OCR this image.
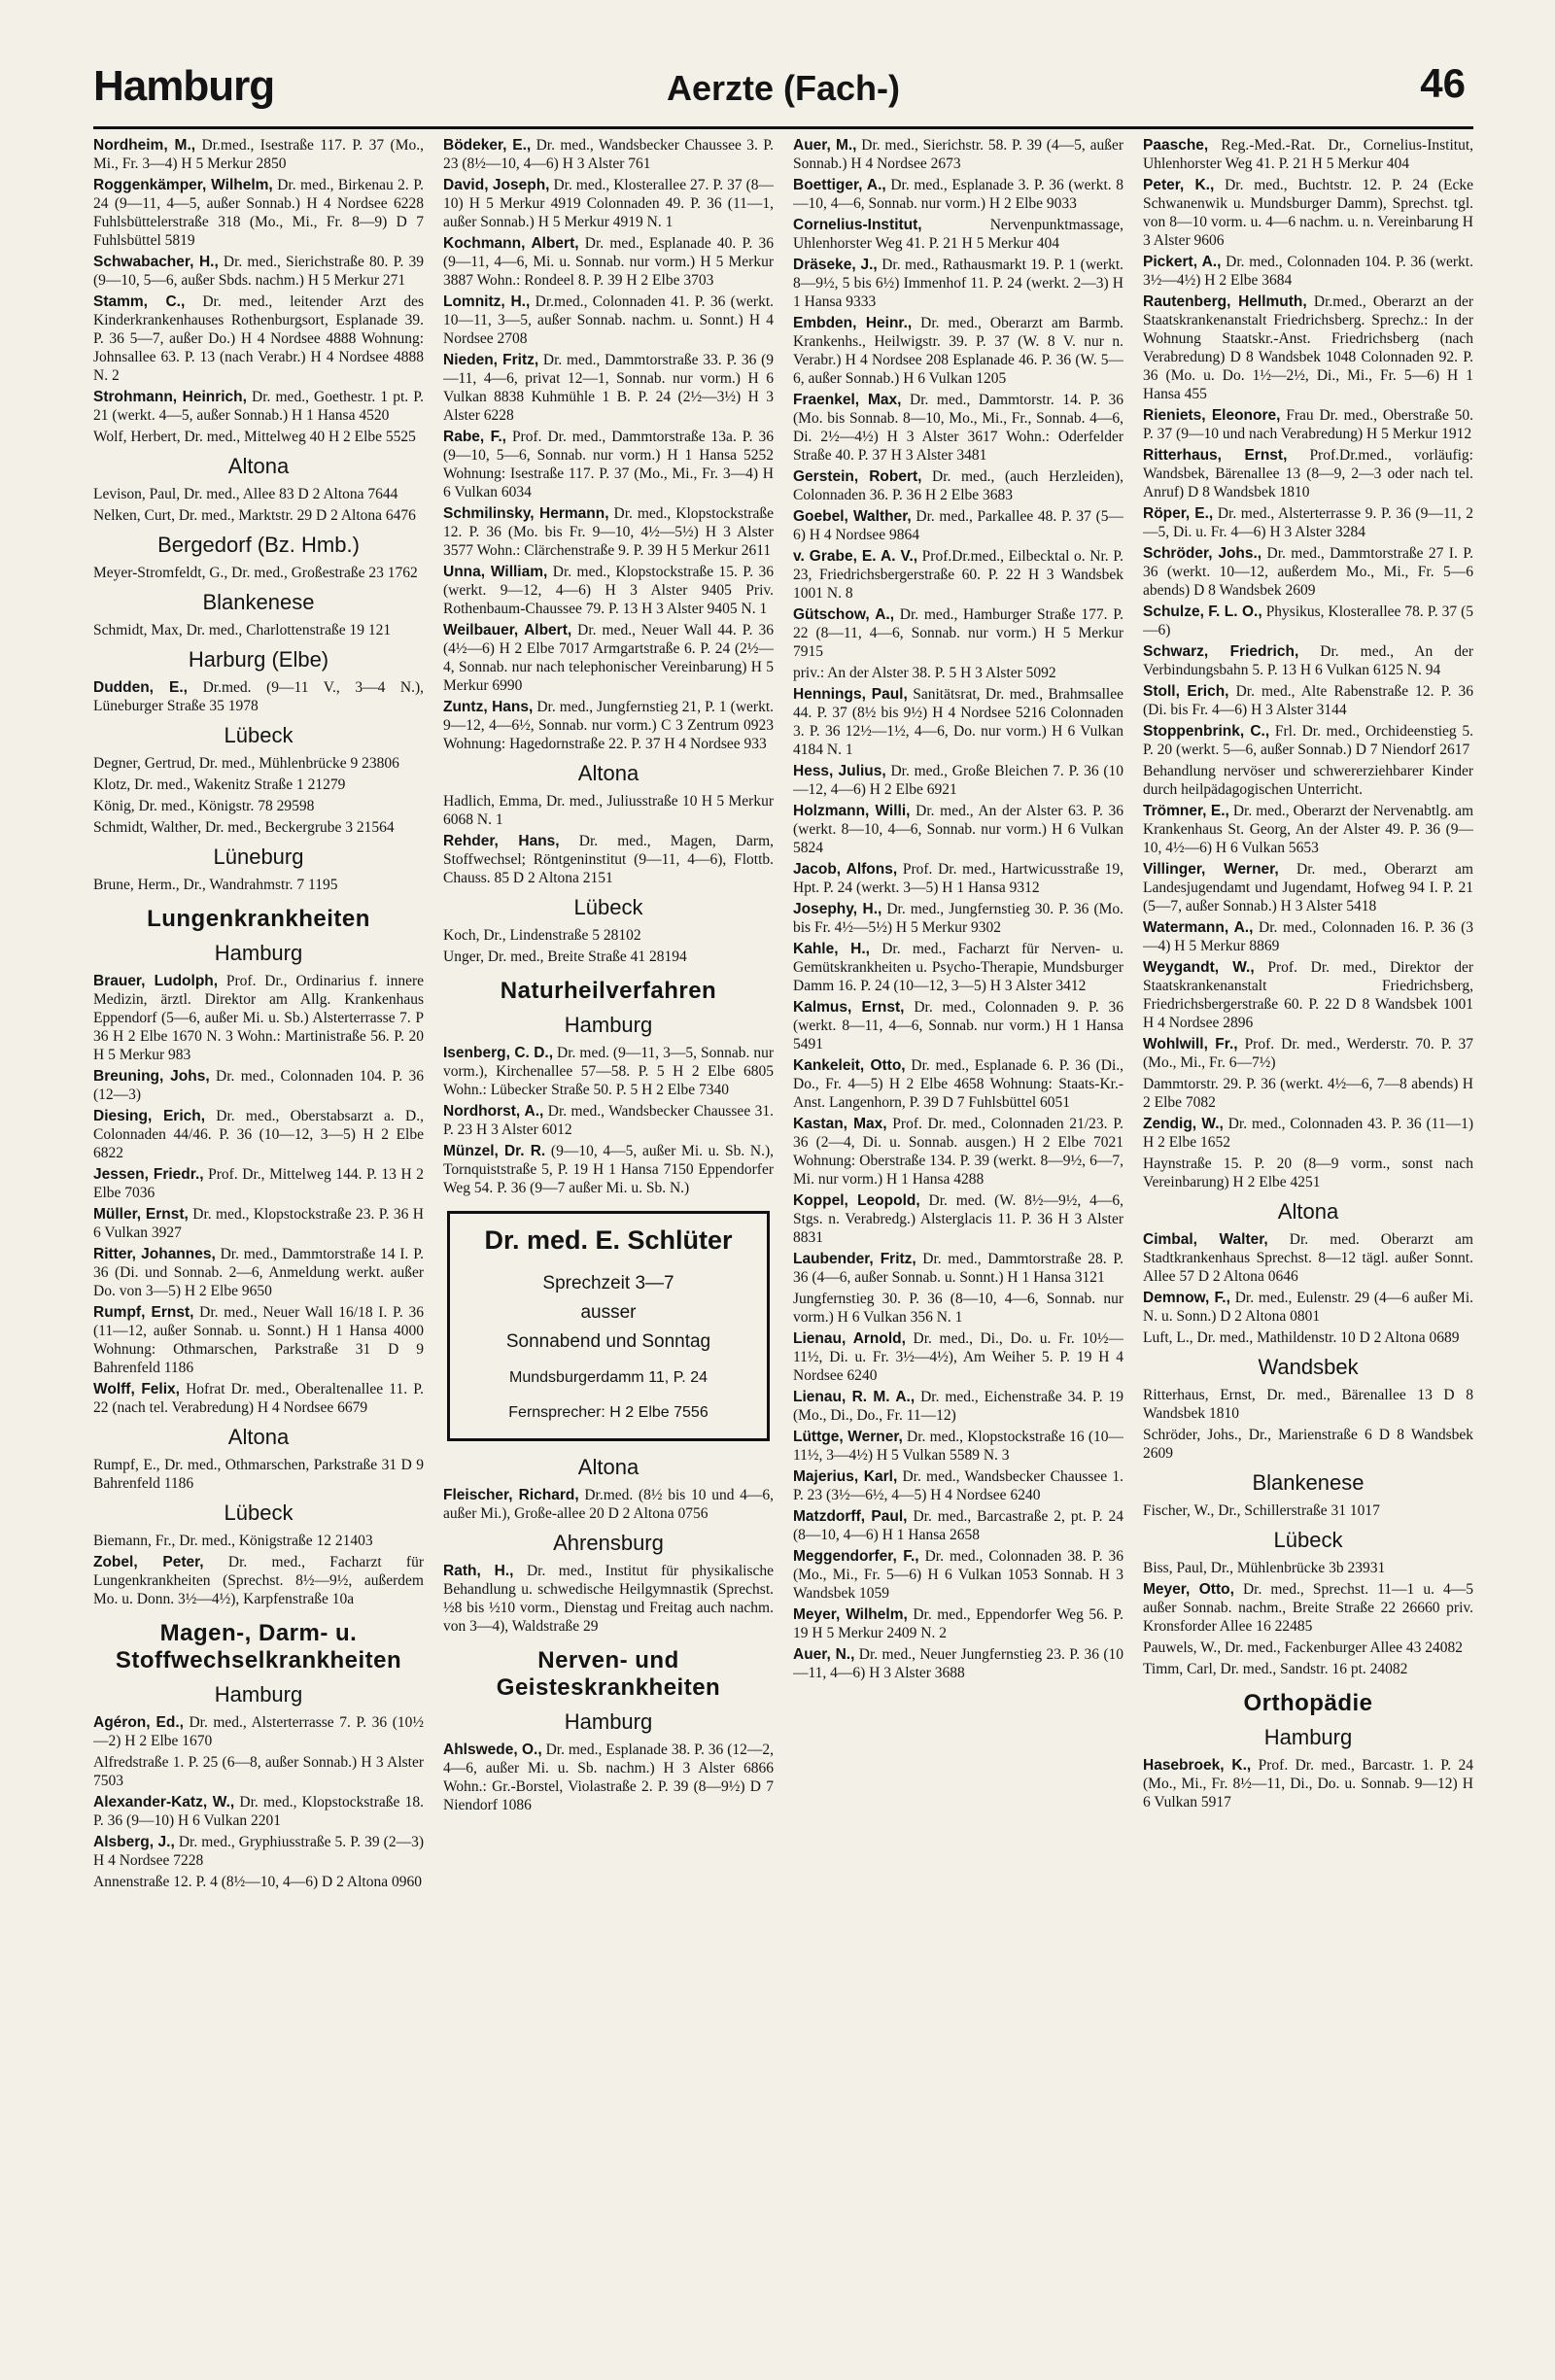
Hamburg	Aerzte (Fach-)	46
Nordheim, M., Dr.med., Isestraße 117. P. 37 (Mo., Mi., Fr. 3—4) H 5 Merkur 2850
Roggenkämper, Wilhelm, Dr. med., Birkenau 2. P. 24 (9—11, 4—5, außer Sonnab.) H 4 Nordsee 6228 Fuhlsbüttelerstraße 318 (Mo., Mi., Fr. 8—9) D 7 Fuhlsbüttel 5819
Schwabacher, H., Dr. med., Sierichstraße 80. P. 39 (9—10, 5—6, außer Sbds. nachm.) H 5 Merkur 271
Stamm, C., Dr. med., leitender Arzt des Kinderkrankenhauses Rothenburgsort, Esplanade 39. P. 36 5—7, außer Do.) H 4 Nordsee 4888 Wohnung: Johnsallee 63. P. 13 (nach Verabr.) H 4 Nordsee 4888 N. 2
Strohmann, Heinrich, Dr. med., Goethestr. 1 pt. P. 21 (werkt. 4—5, außer Sonnab.) H 1 Hansa 4520
Wolf, Herbert, Dr. med., Mittelweg 40 H 2 Elbe 5525
Altona
Levison, Paul, Dr. med., Allee 83 D 2 Altona 7644
Nelken, Curt, Dr. med., Marktstr. 29 D 2 Altona 6476
Bergedorf (Bz. Hmb.)
Meyer-Stromfeldt, G., Dr. med., Großestraße 23 1762
Blankenese
Schmidt, Max, Dr. med., Charlottenstraße 19 121
Harburg (Elbe)
Dudden, E., Dr.med. (9—11 V., 3—4 N.), Lüneburger Straße 35 1978
Lübeck
Degner, Gertrud, Dr. med., Mühlenbrücke 9 23806
Klotz, Dr. med., Wakenitz Straße 1 21279
König, Dr. med., Königstr. 78 29598
Schmidt, Walther, Dr. med., Beckergrube 3 21564
Lüneburg
Brune, Herm., Dr., Wandrahmstr. 7 1195
Lungenkrankheiten
Hamburg
Brauer, Ludolph, Prof. Dr., Ordinarius f. innere Medizin, ärztl. Direktor am Allg. Krankenhaus Eppendorf (5—6, außer Mi. u. Sb.) Alsterterrasse 7. P 36 H 2 Elbe 1670 N. 3 Wohn.: Martinistraße 56. P. 20 H 5 Merkur 983
Breuning, Johs, Dr. med., Colonnaden 104. P. 36 (12—3)
Diesing, Erich, Dr. med., Oberstabsarzt a. D., Colonnaden 44/46. P. 36 (10—12, 3—5) H 2 Elbe 6822
Jessen, Friedr., Prof. Dr., Mittelweg 144. P. 13 H 2 Elbe 7036
Müller, Ernst, Dr. med., Klopstockstraße 23. P. 36 H 6 Vulkan 3927
Ritter, Johannes, Dr. med., Dammtorstraße 14 I. P. 36 (Di. und Sonnab. 2—6, Anmeldung werkt. außer Do. von 3—5) H 2 Elbe 9650
Rumpf, Ernst, Dr. med., Neuer Wall 16/18 I. P. 36 (11—12, außer Sonnab. u. Sonnt.) H 1 Hansa 4000 Wohnung: Othmarschen, Parkstraße 31 D 9 Bahrenfeld 1186
Wolff, Felix, Hofrat Dr. med., Oberaltenallee 11. P. 22 (nach tel. Verabredung) H 4 Nordsee 6679
Altona
Rumpf, E., Dr. med., Othmarschen, Parkstraße 31 D 9 Bahrenfeld 1186
Lübeck
Biemann, Fr., Dr. med., Königstraße 12 21403
Zobel, Peter, Dr. med., Facharzt für Lungenkrankheiten (Sprechst. 8½—9½, außerdem Mo. u. Donn. 3½—4½), Karpfenstraße 10a
Magen-, Darm- u. Stoffwechselkrankheiten
Hamburg
Agéron, Ed., Dr. med., Alsterterrasse 7. P. 36 (10½—2) H 2 Elbe 1670
Alfredstraße 1. P. 25 (6—8, außer Sonnab.) H 3 Alster 7503
Alexander-Katz, W., Dr. med., Klopstockstraße 18. P. 36 (9—10) H 6 Vulkan 2201
Alsberg, J., Dr. med., Gryphiusstraße 5. P. 39 (2—3) H 4 Nordsee 7228
Annenstraße 12. P. 4 (8½—10, 4—6) D 2 Altona 0960
Bödeker, E., Dr. med., Wandsbecker Chaussee 3. P. 23 (8½—10, 4—6) H 3 Alster 761
David, Joseph, Dr. med., Klosterallee 27. P. 37 (8—10) H 5 Merkur 4919 Colonnaden 49. P. 36 (11—1, außer Sonnab.) H 5 Merkur 4919 N. 1
Kochmann, Albert, Dr. med., Esplanade 40. P. 36 (9—11, 4—6, Mi. u. Sonnab. nur vorm.) H 5 Merkur 3887 Wohn.: Rondeel 8. P. 39 H 2 Elbe 3703
Lomnitz, H., Dr.med., Colonnaden 41. P. 36 (werkt. 10—11, 3—5, außer Sonnab. nachm. u. Sonnt.) H 4 Nordsee 2708
Nieden, Fritz, Dr. med., Dammtorstraße 33. P. 36 (9—11, 4—6, privat 12—1, Sonnab. nur vorm.) H 6 Vulkan 8838 Kuhmühle 1 B. P. 24 (2½—3½) H 3 Alster 6228
Rabe, F., Prof. Dr. med., Dammtorstraße 13a. P. 36 (9—10, 5—6, Sonnab. nur vorm.) H 1 Hansa 5252 Wohnung: Isestraße 117. P. 37 (Mo., Mi., Fr. 3—4) H 6 Vulkan 6034
Schmilinsky, Hermann, Dr. med., Klopstockstraße 12. P. 36 (Mo. bis Fr. 9—10, 4½—5½) H 3 Alster 3577 Wohn.: Clärchenstraße 9. P. 39 H 5 Merkur 2611
Unna, William, Dr. med., Klopstockstraße 15. P. 36 (werkt. 9—12, 4—6) H 3 Alster 9405 Priv. Rothenbaum-Chaussee 79. P. 13 H 3 Alster 9405 N. 1
Weilbauer, Albert, Dr. med., Neuer Wall 44. P. 36 (4½—6) H 2 Elbe 7017 Armgartstraße 6. P. 24 (2½—4, Sonnab. nur nach telephonischer Vereinbarung) H 5 Merkur 6990
Zuntz, Hans, Dr. med., Jungfernstieg 21, P. 1 (werkt. 9—12, 4—6½, Sonnab. nur vorm.) C 3 Zentrum 0923 Wohnung: Hagedornstraße 22. P. 37 H 4 Nordsee 933
Altona
Hadlich, Emma, Dr. med., Juliusstraße 10 H 5 Merkur 6068 N. 1
Rehder, Hans, Dr. med., Magen, Darm, Stoffwechsel; Röntgeninstitut (9—11, 4—6), Flottb. Chauss. 85 D 2 Altona 2151
Lübeck
Koch, Dr., Lindenstraße 5 28102
Unger, Dr. med., Breite Straße 41 28194
Naturheilverfahren
Hamburg
Isenberg, C. D., Dr. med. (9—11, 3—5, Sonnab. nur vorm.), Kirchenallee 57—58. P. 5 H 2 Elbe 6805 Wohn.: Lübecker Straße 50. P. 5 H 2 Elbe 7340
Nordhorst, A., Dr. med., Wandsbecker Chaussee 31. P. 23 H 3 Alster 6012
Münzel, Dr. R. (9—10, 4—5, außer Mi. u. Sb. N.), Tornquiststraße 5, P. 19 H 1 Hansa 7150 Eppendorfer Weg 54. P. 36 (9—7 außer Mi. u. Sb. N.)
Dr. med. E. Schlüter
Sprechzeit 3—7
ausser
Sonnabend und Sonntag
Mundsburgerdamm 11, P. 24
Fernsprecher: H 2 Elbe 7556
Altona
Fleischer, Richard, Dr.med. (8½ bis 10 und 4—6, außer Mi.), Große-allee 20 D 2 Altona 0756
Ahrensburg
Rath, H., Dr. med., Institut für physikalische Behandlung u. schwedische Heilgymnastik (Sprechst. ½8 bis ½10 vorm., Dienstag und Freitag auch nachm. von 3—4), Waldstraße 29
Nerven- und Geisteskrankheiten
Hamburg
Ahlswede, O., Dr. med., Esplanade 38. P. 36 (12—2, 4—6, außer Mi. u. Sb. nachm.) H 3 Alster 6866 Wohn.: Gr.-Borstel, Violastraße 2. P. 39 (8—9½) D 7 Niendorf 1086
Auer, M., Dr. med., Sierichstr. 58. P. 39 (4—5, außer Sonnab.) H 4 Nordsee 2673
Boettiger, A., Dr. med., Esplanade 3. P. 36 (werkt. 8—10, 4—6, Sonnab. nur vorm.) H 2 Elbe 9033
Cornelius-Institut,	Nervenpunktmassage, Uhlenhorster Weg 41. P. 21 H 5 Merkur 404
Dräseke, J., Dr. med., Rathausmarkt 19. P. 1 (werkt. 8—9½, 5 bis 6½) Immenhof 11. P. 24 (werkt. 2—3) H 1 Hansa 9333
Embden, Heinr., Dr. med., Oberarzt am Barmb. Krankenhs., Heilwigstr. 39. P. 37 (W. 8 V. nur n. Verabr.) H 4 Nordsee 208 Esplanade 46. P. 36 (W. 5—6, außer Sonnab.) H 6 Vulkan 1205
Fraenkel, Max, Dr. med., Dammtorstr. 14. P. 36 (Mo. bis Sonnab. 8—10, Mo., Mi., Fr., Sonnab. 4—6, Di. 2½—4½) H 3 Alster 3617 Wohn.: Oderfelder Straße 40. P. 37 H 3 Alster 3481
Gerstein, Robert, Dr. med., (auch Herzleiden), Colonnaden 36. P. 36 H 2 Elbe 3683
Goebel, Walther, Dr. med., Parkallee 48. P. 37 (5—6) H 4 Nordsee 9864
v. Grabe, E. A. V., Prof.Dr.med., Eilbecktal o. Nr. P. 23, Friedrichsbergerstraße 60. P. 22 H 3 Wandsbek 1001 N. 8
Gütschow, A., Dr. med., Hamburger Straße 177. P. 22 (8—11, 4—6, Sonnab. nur vorm.) H 5 Merkur 7915
priv.: An der Alster 38. P. 5 H 3 Alster 5092
Hennings, Paul, Sanitätsrat, Dr. med., Brahmsallee 44. P. 37 (8½ bis 9½) H 4 Nordsee 5216 Colonnaden 3. P. 36 12½—1½, 4—6, Do. nur vorm.) H 6 Vulkan 4184 N. 1
Hess, Julius, Dr. med., Große Bleichen 7. P. 36 (10—12, 4—6) H 2 Elbe 6921
Holzmann, Willi, Dr. med., An der Alster 63. P. 36 (werkt. 8—10, 4—6, Sonnab. nur vorm.) H 6 Vulkan 5824
Jacob, Alfons, Prof. Dr. med., Hartwicusstraße 19, Hpt. P. 24 (werkt. 3—5) H 1 Hansa 9312
Josephy, H., Dr. med., Jungfernstieg 30. P. 36 (Mo. bis Fr. 4½—5½) H 5 Merkur 9302
Kahle, H., Dr. med., Facharzt für Nerven- u. Gemütskrankheiten u. Psycho-Therapie, Mundsburger Damm 16. P. 24 (10—12, 3—5) H 3 Alster 3412
Kalmus, Ernst, Dr. med., Colonnaden 9. P. 36 (werkt. 8—11, 4—6, Sonnab. nur vorm.) H 1 Hansa 5491
Kankeleit, Otto, Dr. med., Esplanade 6. P. 36 (Di., Do., Fr. 4—5) H 2 Elbe 4658 Wohnung: Staats-Kr.-Anst. Langenhorn, P. 39 D 7 Fuhlsbüttel 6051
Kastan, Max, Prof. Dr. med., Colonnaden 21/23. P. 36 (2—4, Di. u. Sonnab. ausgen.) H 2 Elbe 7021 Wohnung: Oberstraße 134. P. 39 (werkt. 8—9½, 6—7, Mi. nur vorm.) H 1 Hansa 4288
Koppel, Leopold, Dr. med. (W. 8½—9½, 4—6, Stgs. n. Verabredg.) Alsterglacis 11. P. 36 H 3 Alster 8831
Laubender, Fritz, Dr. med., Dammtorstraße 28. P. 36 (4—6, außer Sonnab. u. Sonnt.) H 1 Hansa 3121
Jungfernstieg 30. P. 36 (8—10, 4—6, Sonnab. nur vorm.) H 6 Vulkan 356 N. 1
Lienau, Arnold, Dr. med., Di., Do. u. Fr. 10½—11½, Di. u. Fr. 3½—4½), Am Weiher 5. P. 19 H 4 Nordsee 6240
Lienau, R. M. A., Dr. med., Eichenstraße 34. P. 19 (Mo., Di., Do., Fr. 11—12)
Lüttge, Werner, Dr. med., Klopstockstraße 16 (10—11½, 3—4½) H 5 Vulkan 5589 N. 3
Majerius, Karl, Dr. med., Wandsbecker Chaussee 1. P. 23 (3½—6½, 4—5) H 4 Nordsee 6240
Matzdorff, Paul, Dr. med., Barcastraße 2, pt. P. 24 (8—10, 4—6) H 1 Hansa 2658
Meggendorfer, F., Dr. med., Colonnaden 38. P. 36 (Mo., Mi., Fr. 5—6) H 6 Vulkan 1053 Sonnab. H 3 Wandsbek 1059
Meyer, Wilhelm, Dr. med., Eppendorfer Weg 56. P. 19 H 5 Merkur 2409 N. 2
Auer, N., Dr. med., Neuer Jungfernstieg 23. P. 36 (10—11, 4—6) H 3 Alster 3688
Paasche, Reg.-Med.-Rat. Dr., Cornelius-Institut, Uhlenhorster Weg 41. P. 21 H 5 Merkur 404
Peter, K., Dr. med., Buchtstr. 12. P. 24 (Ecke Schwanenwik u. Mundsburger Damm), Sprechst. tgl. von 8—10 vorm. u. 4—6 nachm. u. n. Vereinbarung H 3 Alster 9606
Pickert, A., Dr. med., Colonnaden 104. P. 36 (werkt. 3½—4½) H 2 Elbe 3684
Rautenberg, Hellmuth, Dr.med., Oberarzt an der Staatskrankenanstalt Friedrichsberg. Sprechz.: In der Wohnung Staatskr.-Anst. Friedrichsberg (nach Verabredung) D 8 Wandsbek 1048 Colonnaden 92. P. 36 (Mo. u. Do. 1½—2½, Di., Mi., Fr. 5—6) H 1 Hansa 455
Rieniets, Eleonore, Frau Dr. med., Oberstraße 50. P. 37 (9—10 und nach Verabredung) H 5 Merkur 1912
Ritterhaus, Ernst, Prof.Dr.med., vorläufig: Wandsbek, Bärenallee 13 (8—9, 2—3 oder nach tel. Anruf) D 8 Wandsbek 1810
Röper, E., Dr. med., Alsterterrasse 9. P. 36 (9—11, 2—5, Di. u. Fr. 4—6) H 3 Alster 3284
Schröder, Johs., Dr. med., Dammtorstraße 27 I. P. 36 (werkt. 10—12, außerdem Mo., Mi., Fr. 5—6 abends) D 8 Wandsbek 2609
Schulze, F. L. O., Physikus, Klosterallee 78. P. 37 (5—6)
Schwarz, Friedrich, Dr. med., An der Verbindungsbahn 5. P. 13 H 6 Vulkan 6125 N. 94
Stoll, Erich, Dr. med., Alte Rabenstraße 12. P. 36 (Di. bis Fr. 4—6) H 3 Alster 3144
Stoppenbrink, C., Frl. Dr. med., Orchideenstieg 5. P. 20 (werkt. 5—6, außer Sonnab.) D 7 Niendorf 2617
Behandlung nervöser und schwererziehbarer Kinder durch heilpädagogischen Unterricht.
Trömner, E., Dr. med., Oberarzt der Nervenabtlg. am Krankenhaus St. Georg, An der Alster 49. P. 36 (9—10, 4½—6) H 6 Vulkan 5653
Villinger, Werner, Dr. med., Oberarzt am Landesjugendamt und Jugendamt, Hofweg 94 I. P. 21 (5—7, außer Sonnab.) H 3 Alster 5418
Watermann, A., Dr. med., Colonnaden 16. P. 36 (3—4) H 5 Merkur 8869
Weygandt, W., Prof. Dr. med., Direktor der Staatskrankenanstalt Friedrichsberg, Friedrichsbergerstraße 60. P. 22 D 8 Wandsbek 1001 H 4 Nordsee 2896
Wohlwill, Fr., Prof. Dr. med., Werderstr. 70. P. 37 (Mo., Mi., Fr. 6—7½)
Dammtorstr. 29. P. 36 (werkt. 4½—6, 7—8 abends) H 2 Elbe 7082
Zendig, W., Dr. med., Colonnaden 43. P. 36 (11—1) H 2 Elbe 1652
Haynstraße 15. P. 20 (8—9 vorm., sonst nach Vereinbarung) H 2 Elbe 4251
Altona
Cimbal, Walter, Dr. med. Oberarzt am Stadtkrankenhaus Sprechst. 8—12 tägl. außer Sonnt. Allee 57 D 2 Altona 0646
Demnow, F., Dr. med., Eulenstr. 29 (4—6 außer Mi. N. u. Sonn.) D 2 Altona 0801
Luft, L., Dr. med., Mathildenstr. 10 D 2 Altona 0689
Wandsbek
Ritterhaus, Ernst, Dr. med., Bärenallee 13 D 8 Wandsbek 1810
Schröder, Johs., Dr., Marienstraße 6 D 8 Wandsbek 2609
Blankenese
Fischer, W., Dr., Schillerstraße 31 1017
Lübeck
Biss, Paul, Dr., Mühlenbrücke 3b 23931
Meyer, Otto, Dr. med., Sprechst. 11—1 u. 4—5 außer Sonnab. nachm., Breite Straße 22 26660 priv. Kronsforder Allee 16 22485
Pauwels, W., Dr. med., Fackenburger Allee 43 24082
Timm, Carl, Dr. med., Sandstr. 16 pt. 24082
Orthopädie
Hamburg
Hasebroek, K., Prof. Dr. med., Barcastr. 1. P. 24 (Mo., Mi., Fr. 8½—11, Di., Do. u. Sonnab. 9—12) H 6 Vulkan 5917
